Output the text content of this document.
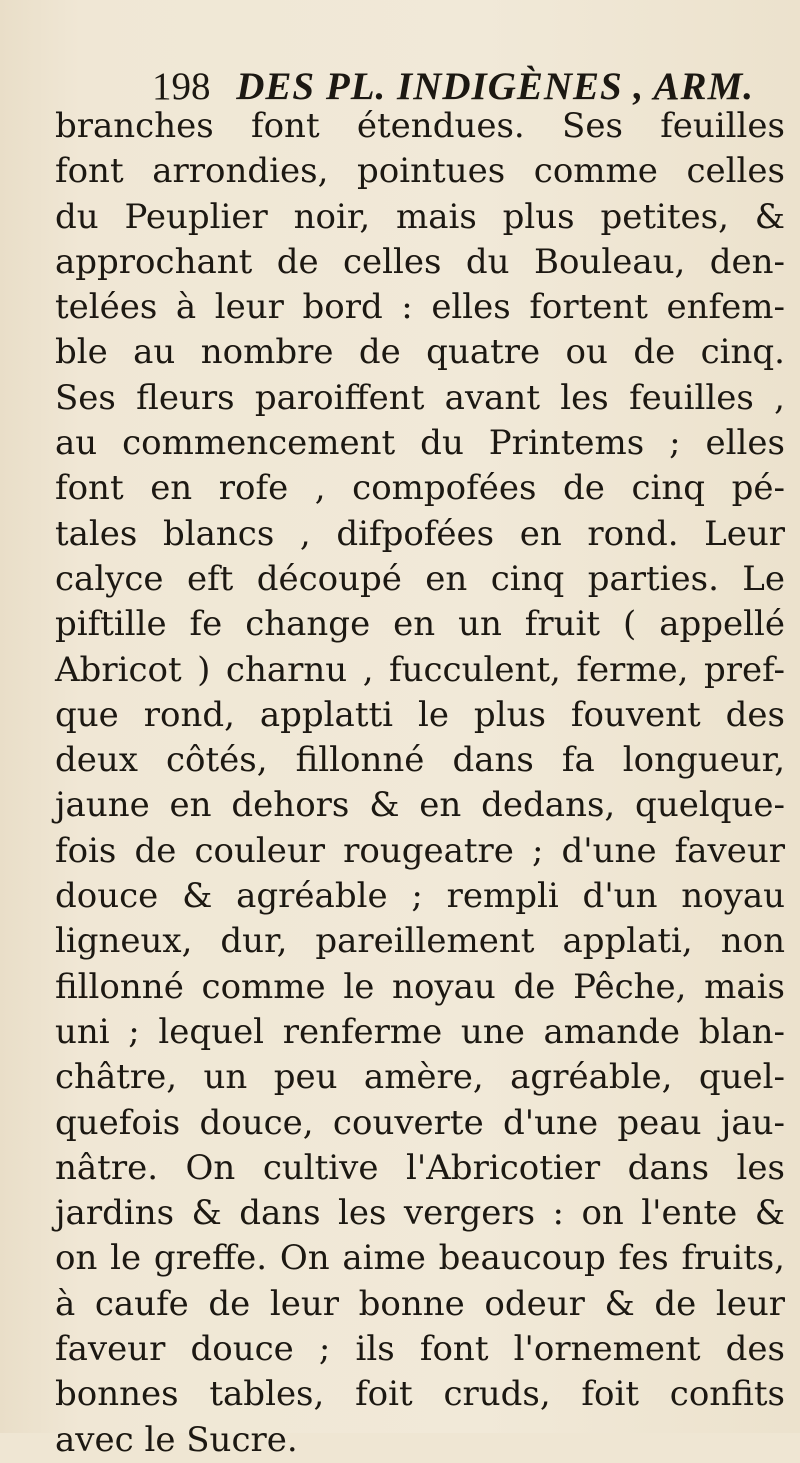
198 DES PL. INDIGÈNES , ARM.
branches font étendues. Ses feuilles
font arrondies, pointues comme celles
du Peuplier noir, mais plus petites, &
approchant de celles du Bouleau, den-
telées à leur bord : elles fortent enfem-
ble au nombre de quatre ou de cinq.
Ses fleurs paroiffent avant les feuilles ,
au commencement du Printems ; elles
font en rofe , compofées de cinq pé-
tales blancs , difpofées en rond. Leur
calyce eft découpé en cinq parties. Le
piftille fe change en un fruit ( appellé
Abricot ) charnu , fucculent, ferme, pref-
que rond, applatti le plus fouvent des
deux côtés, fillonné dans fa longueur,
jaune en dehors & en dedans, quelque-
fois de couleur rougeatre ; d'une faveur
douce & agréable ; rempli d'un noyau
ligneux, dur, pareillement applati, non
fillonné comme le noyau de Pêche, mais
uni ; lequel renferme une amande blan-
châtre, un peu amère, agréable, quel-
quefois douce, couverte d'une peau jau-
nâtre. On cultive l'Abricotier dans les
jardins & dans les vergers : on l'ente &
on le greffe. On aime beaucoup fes fruits,
à caufe de leur bonne odeur & de leur
faveur douce ; ils font l'ornement des
bonnes tables, foit cruds, foit confits
avec le Sucre.
